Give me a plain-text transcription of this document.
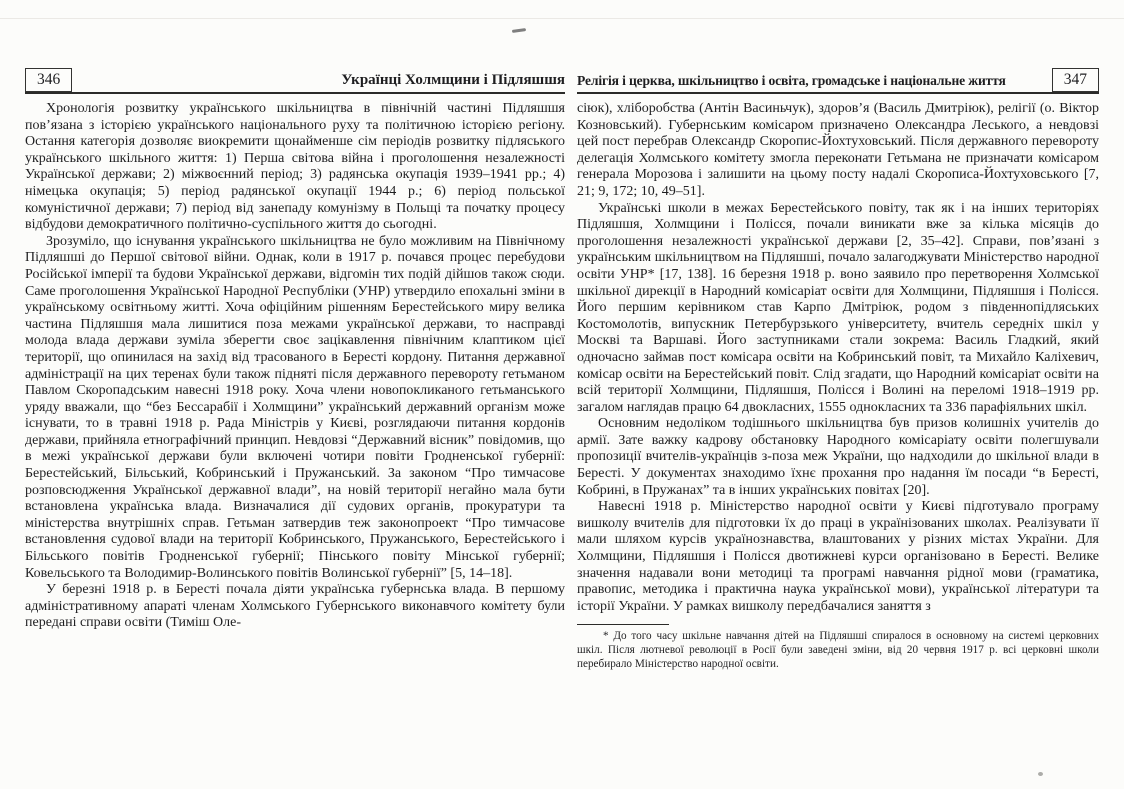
346	Українці Холмщини і Підляшшя

Хронологія розвитку українського шкільництва в північній частині Підляшшя пов’язана з історією українського національного руху та політичною історією регіону. Остання категорія дозволяє виокремити щонайменше сім періодів розвитку підляського українського шкільного життя: 1) Перша світова війна і проголошення незалежності Української держави; 2) міжвоєнний період; 3) радянська окупація 1939–1941 рр.; 4) німецька окупація; 5) період радянської окупації 1944 р.; 6) період польської комуністичної держави; 7) період від занепаду комунізму в Польщі та початку процесу відбудови демократичного політично-суспільного життя до сьогодні.

Зрозуміло, що існування українського шкільництва не було можливим на Північному Підляшші до Першої світової війни. Однак, коли в 1917 р. почався процес перебудови Російської імперії та будови Української держави, відгомін тих подій дійшов також сюди. Саме проголошення Української Народної Республіки (УНР) утвердило епохальні зміни в українському освітньому житті. Хоча офіційним рішенням Берестейського миру велика частина Підляшшя мала лишитися поза межами української держави, то насправді молода влада держави зуміла зберегти своє зацікавлення північним клаптиком цієї території, що опинилася на захід від трасованого в Бересті кордону. Питання державної адміністрації на цих теренах були також підняті після державного перевороту гетьманом Павлом Скоропадським навесні 1918 року. Хоча члени новопокликаного гетьманського уряду вважали, що “без Бессарабії і Холмщини” український державний організм може існувати, то в травні 1918 р. Рада Міністрів у Києві, розглядаючи питання кордонів держави, прийняла етнографічний принцип. Невдовзі “Державний вісник” повідомив, що в межі української держави були включені чотири повіти Гродненської губернії: Берестейський, Більський, Кобринський і Пружанський. За законом “Про тимчасове розповсюдження Української державної влади”, на новій території негайно мала бути встановлена українська влада. Визначалися дії судових органів, прокуратури та міністерства внутрішніх справ. Гетьман затвердив теж законопроект “Про тимчасове встановлення судової влади на території Кобринського, Пружанського, Берестейського і Більського повітів Гродненської губернії; Пінського повіту Мінської губернії; Ковельського та Володимир-Волинського повітів Волинської губернії” [5, 14–18].

У березні 1918 р. в Бересті почала діяти українська губернська влада. В першому адміністративному апараті членам Холмського Губернського виконавчого комітету були передані справи освіти (Тиміш Оле-

Релігія і церква, шкільництво і освіта, громадське і національне життя	347

сіюк), хліборобства (Антін Васиньчук), здоров’я (Василь Дмитріюк), релігії (о. Віктор Козновський). Губернським комісаром призначено Олександра Леського, а невдовзі цей пост перебрав Олександр Скоропис-Йохтуховський. Після державного перевороту делегація Холмського комітету змогла переконати Гетьмана не призначати комісаром генерала Морозова і залишити на цьому посту надалі Скорописа-Йохтуховського [7, 21; 9, 172; 10, 49–51].

Українські школи в межах Берестейського повіту, так як і на інших територіях Підляшшя, Холмщини і Полісся, почали виникати вже за кілька місяців до проголошення незалежності української держави [2, 35–42]. Справи, пов’язані з українським шкільництвом на Підляшші, почало залагоджувати Міністерство народної освіти УНР* [17, 138]. 16 березня 1918 р. воно заявило про перетворення Холмської шкільної дирекції в Народний комісаріат освіти для Холмщини, Підляшшя і Полісся. Його першим керівником став Карпо Дмітріюк, родом з південнопідляських Костомолотів, випускник Петербурзького університету, вчитель середніх шкіл у Москві та Варшаві. Його заступниками стали зокрема: Василь Гладкий, який одночасно займав пост комісара освіти на Кобринський повіт, та Михайло Каліхевич, комісар освіти на Берестейський повіт. Слід згадати, що Народний комісаріат освіти на всій території Холмщини, Підляшшя, Полісся і Волині на переломі 1918–1919 рр. загалом наглядав працю 64 двокласних, 1555 однокласних та 336 парафіяльних шкіл.

Основним недоліком тодішнього шкільництва був призов колишніх учителів до армії. Зате важку кадрову обстановку Народного комісаріату освіти полегшували пропозиції вчителів-українців з-поза меж України, що надходили до шкільної влади в Бересті. У документах знаходимо їхнє прохання про надання їм посади “в Бересті, Кобрині, в Пружанах” та в інших українських повітах [20].

Навесні 1918 р. Міністерство народної освіти у Києві підготувало програму вишколу вчителів для підготовки їх до праці в українізованих школах. Реалізувати її мали шляхом курсів українознавства, влаштованих у різних містах України. Для Холмщини, Підляшшя і Полісся двотижневі курси організовано в Бересті. Велике значення надавали вони методиці та програмі навчання рідної мови (граматика, правопис, методика і практична наука української мови), української літератури та історії України. У рамках вишколу передбачалися заняття з

* До того часу шкільне навчання дітей на Підляшші спиралося в основному на системі церковних шкіл. Після лютневої революції в Росії були заведені зміни, від 20 червня 1917 р. всі церковні школи перебирало Міністерство народної освіти.
